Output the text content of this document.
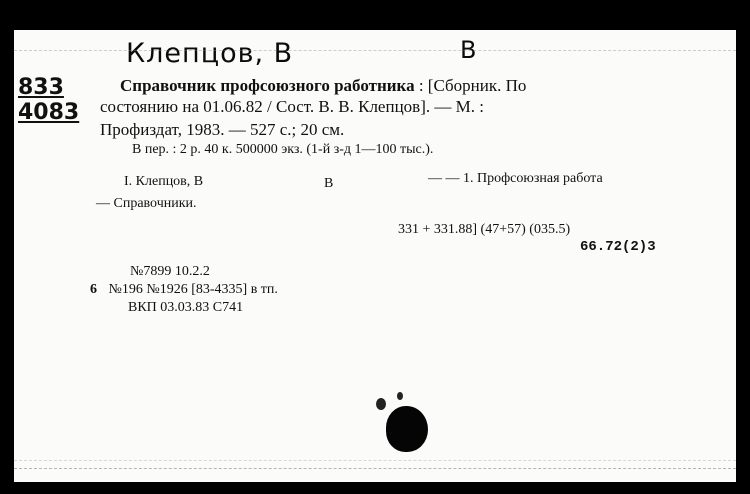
Клепцов, В	В
833
4083
Справочник профсоюзного работника : [Сборник. По
состоянию на 01.06.82 / Сост. В. В. Клепцов]. — М. :
Профиздат, 1983. — 527 с.; 20 см.
В пер. : 2 р. 40 к. 500000 экз. (1-й з-д 1—100 тыс.).
I. Клепцов, В	В	— — 1. Профсоюзная работа
— Справочники.
331 + 331.88] (47+57) (035.5)
66.72(2)3
№7899 10.2.2
6 №196 №1926 [83-4335] в тп.
ВКП 03.03.83 С741
